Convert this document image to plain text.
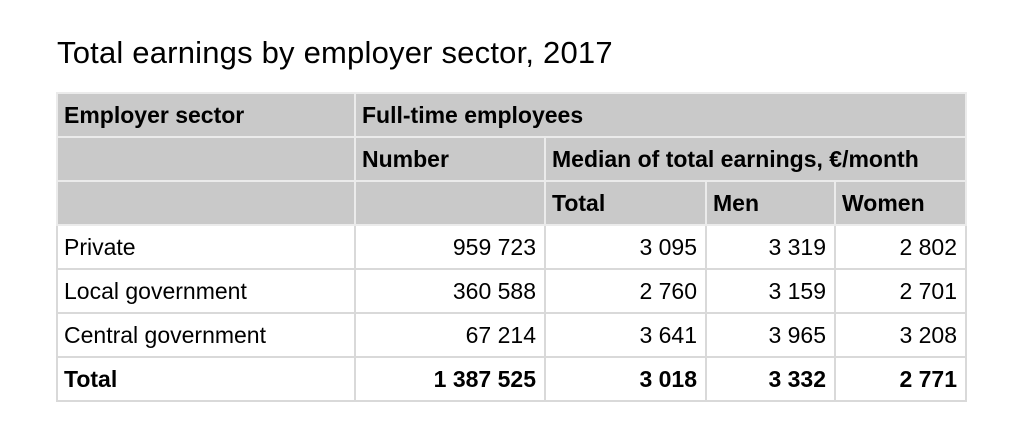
Total earnings by employer sector, 2017
Employer sector	Full-time employees			
	Number	Median of total earnings, €/month		
		Total	Men	Women
Private	959 723	3 095	3 319	2 802
Local government	360 588	2 760	3 159	2 701
Central government	67 214	3 641	3 965	3 208
Total	1 387 525	3 018	3 332	2 771
